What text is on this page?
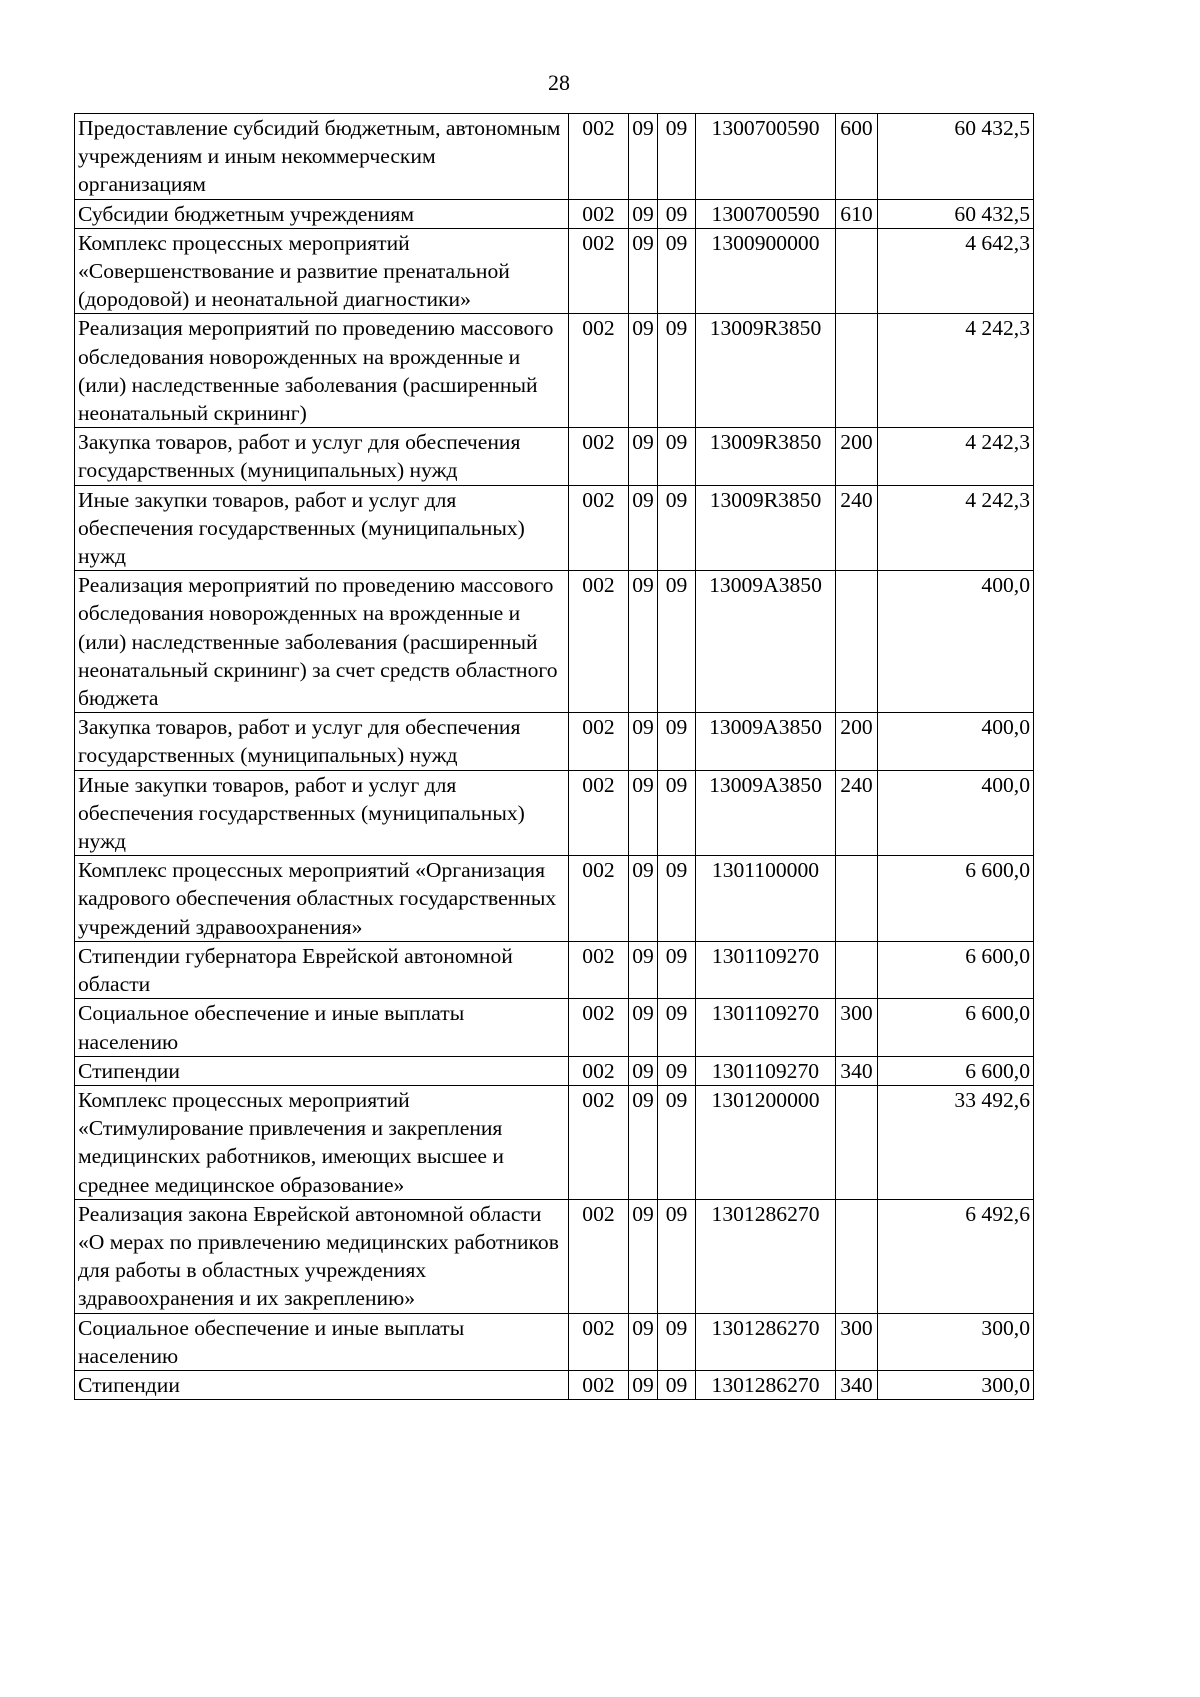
28
Предоставление субсидий бюджетным, автономным учреждениям и иным некоммерческим организациям	002	09	09	1300700590	600	60 432,5
Субсидии бюджетным учреждениям	002	09	09	1300700590	610	60 432,5
Комплекс процессных мероприятий «Совершенствование и развитие пренатальной (дородовой) и неонатальной диагностики»	002	09	09	1300900000		4 642,3
Реализация мероприятий по проведению массового обследования новорожденных на врожденные и (или) наследственные заболевания (расширенный неонатальный скрининг)	002	09	09	13009R3850		4 242,3
Закупка товаров, работ и услуг для обеспечения государственных (муниципальных) нужд	002	09	09	13009R3850	200	4 242,3
Иные закупки товаров, работ и услуг для обеспечения государственных (муниципальных) нужд	002	09	09	13009R3850	240	4 242,3
Реализация мероприятий по проведению массового обследования новорожденных на врожденные и (или) наследственные заболевания (расширенный неонатальный скрининг) за счет средств областного бюджета	002	09	09	13009A3850		400,0
Закупка товаров, работ и услуг для обеспечения государственных (муниципальных) нужд	002	09	09	13009A3850	200	400,0
Иные закупки товаров, работ и услуг для обеспечения государственных (муниципальных) нужд	002	09	09	13009A3850	240	400,0
Комплекс процессных мероприятий «Организация кадрового обеспечения областных государственных учреждений здравоохранения»	002	09	09	1301100000		6 600,0
Стипендии губернатора Еврейской автономной области	002	09	09	1301109270		6 600,0
Социальное обеспечение и иные выплаты населению	002	09	09	1301109270	300	6 600,0
Стипендии	002	09	09	1301109270	340	6 600,0
Комплекс процессных мероприятий «Стимулирование привлечения и закрепления медицинских работников, имеющих высшее и среднее медицинское образование»	002	09	09	1301200000		33 492,6
Реализация закона Еврейской автономной области «О мерах по привлечению медицинских работников для работы в областных учреждениях здравоохранения и их закреплению»	002	09	09	1301286270		6 492,6
Социальное обеспечение и иные выплаты населению	002	09	09	1301286270	300	300,0
Стипендии	002	09	09	1301286270	340	300,0
